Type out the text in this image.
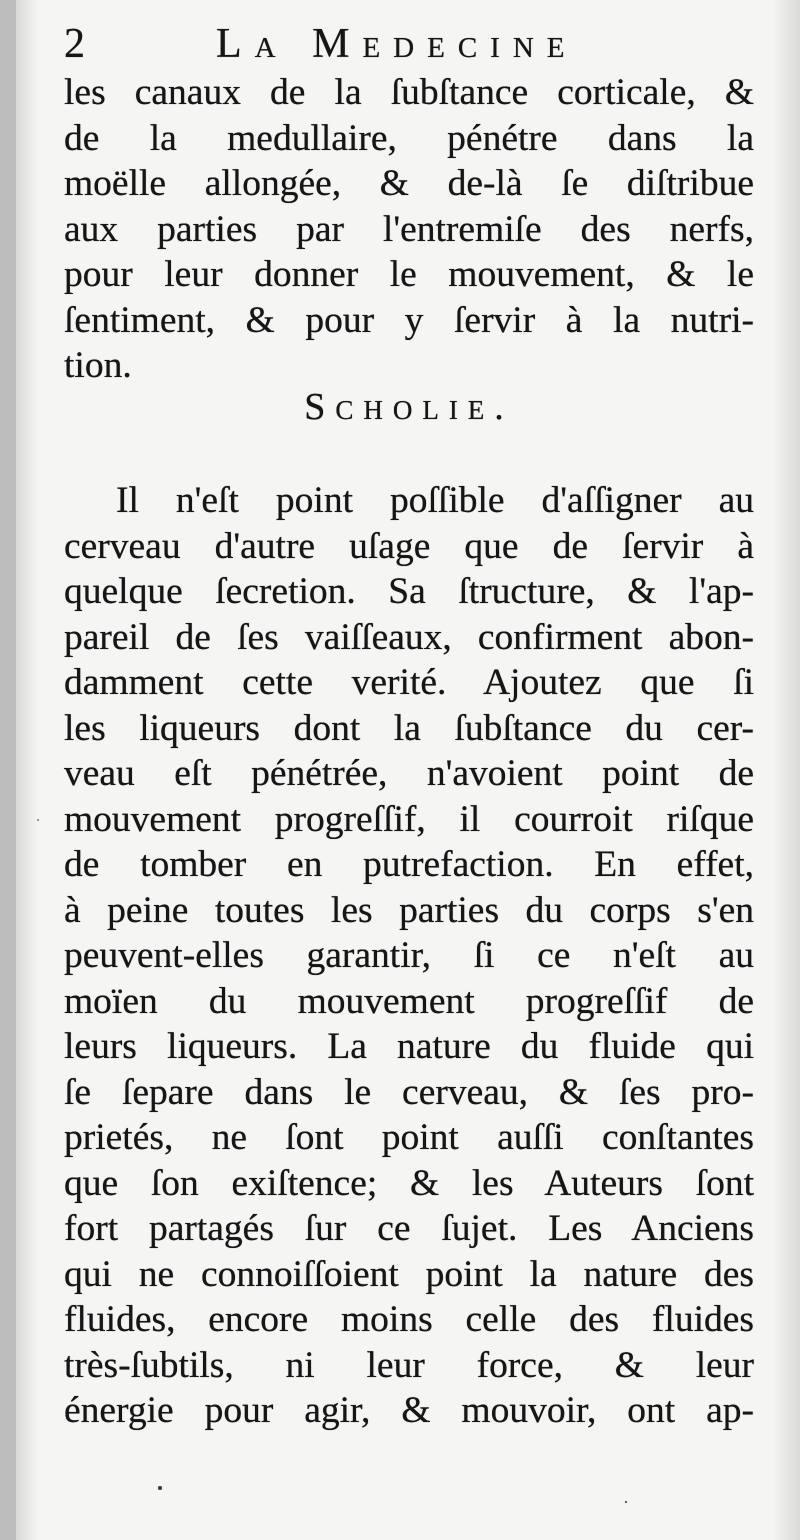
2	La Medecine
les canaux de la ſubſtance corticale, &
de la medullaire, pénétre dans la
moëlle allongée, & de-là ſe diſtribue
aux parties par l'entremiſe des nerfs,
pour leur donner le mouvement, & le
ſentiment, & pour y ſervir à la nutri-
tion.
Scholie.
Il n'eſt point poſſible d'aſſigner au
cerveau d'autre uſage que de ſervir à
quelque ſecretion. Sa ſtructure, & l'ap-
pareil de ſes vaiſſeaux, confirment abon-
damment cette verité. Ajoutez que ſi
les liqueurs dont la ſubſtance du cer-
veau eſt pénétrée, n'avoient point de
mouvement progreſſif, il courroit riſque
de tomber en putrefaction. En effet,
à peine toutes les parties du corps s'en
peuvent-elles garantir, ſi ce n'eſt au
moïen du mouvement progreſſif de
leurs liqueurs. La nature du fluide qui
ſe ſepare dans le cerveau, & ſes pro-
prietés, ne ſont point auſſi conſtantes
que ſon exiſtence; & les Auteurs ſont
fort partagés ſur ce ſujet. Les Anciens
qui ne connoiſſoient point la nature des
fluides, encore moins celle des fluides
très-ſubtils, ni leur force, & leur
énergie pour agir, & mouvoir, ont ap-
